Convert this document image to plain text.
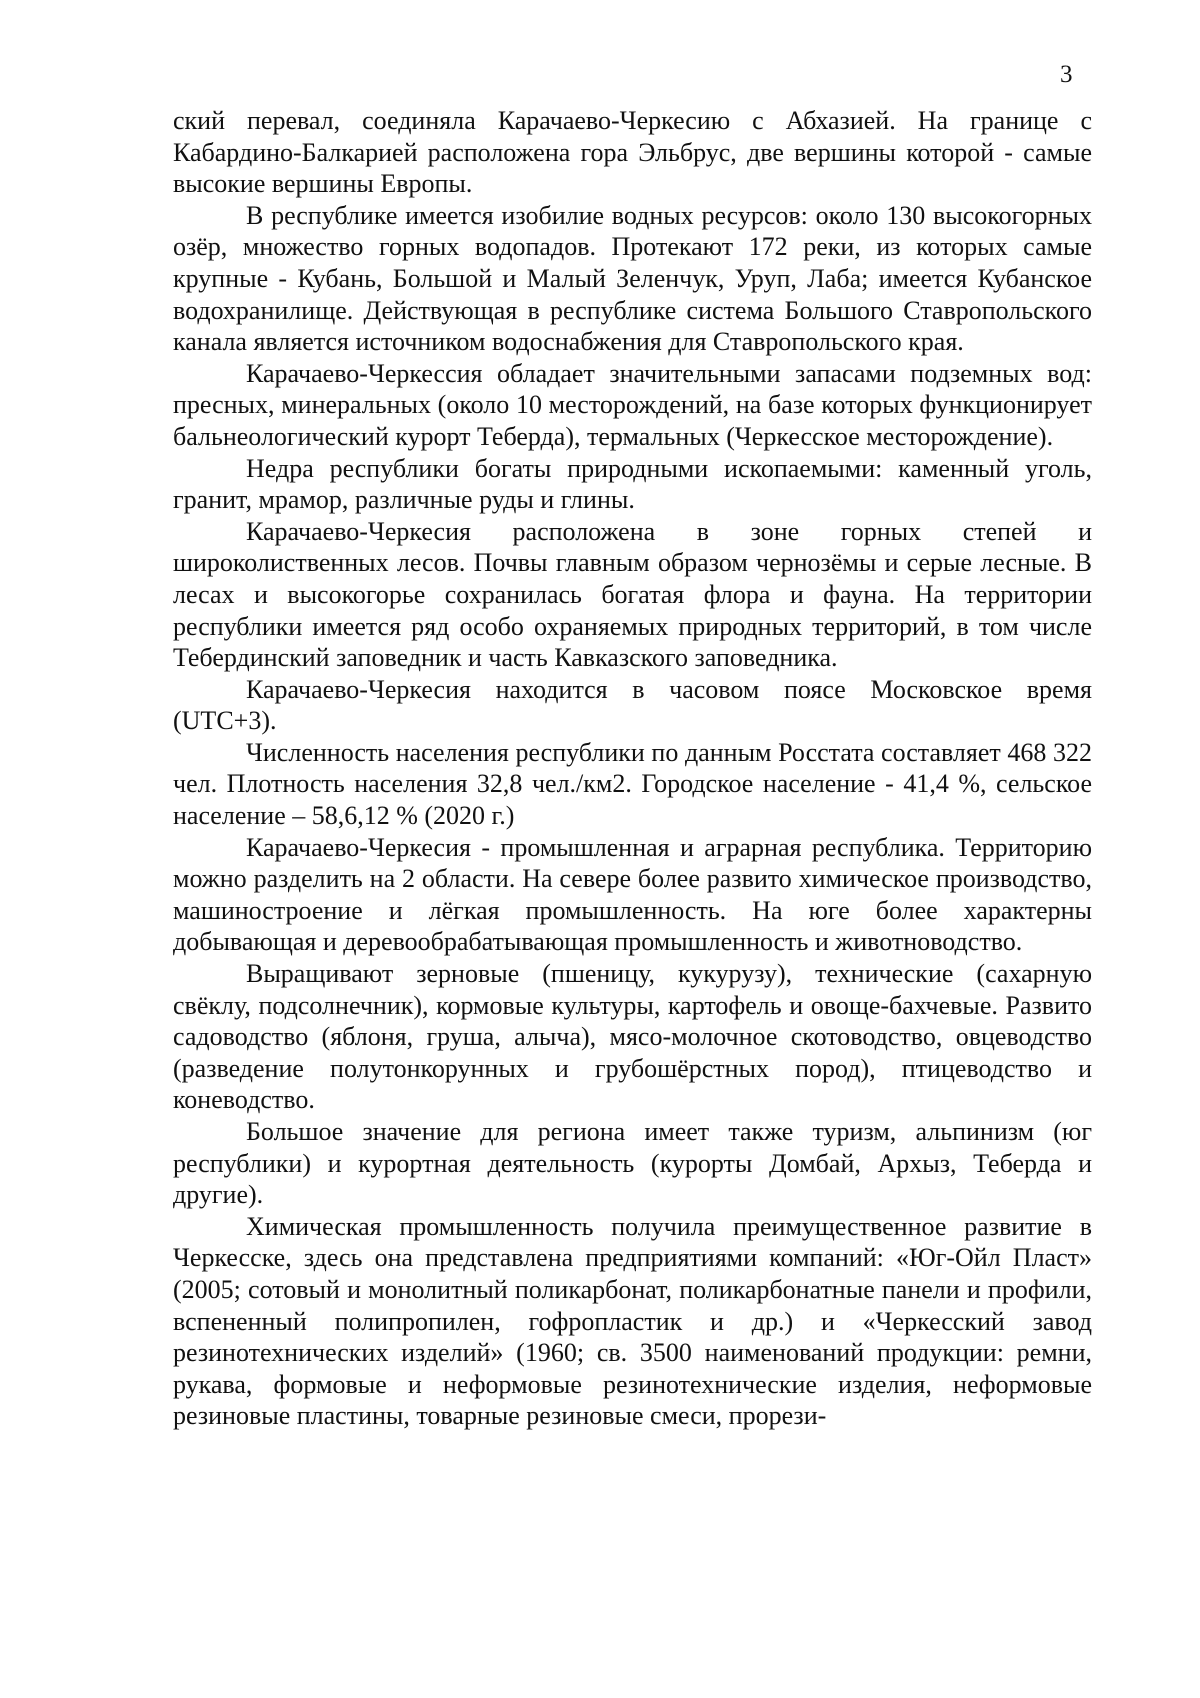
3

ский перевал, соединяла Карачаево-Черкесию с Абхазией. На границе с Кабардино-Балкарией расположена гора Эльбрус, две вершины которой - самые высокие вершины Европы.

В республике имеется изобилие водных ресурсов: около 130 высокогорных озёр, множество горных водопадов. Протекают 172 реки, из которых самые крупные - Кубань, Большой и Малый Зеленчук, Уруп, Лаба; имеется Кубанское водохранилище. Действующая в республике система Большого Ставропольского канала является источником водоснабжения для Ставропольского края.

Карачаево-Черкессия обладает значительными запасами подземных вод: пресных, минеральных (около 10 месторождений, на базе которых функционирует бальнеологический курорт Теберда), термальных (Черкесское месторождение).

Недра республики богаты природными ископаемыми: каменный уголь, гранит, мрамор, различные руды и глины.

Карачаево-Черкесия расположена в зоне горных степей и широколиственных лесов. Почвы главным образом чернозёмы и серые лесные. В лесах и высокогорье сохранилась богатая флора и фауна. На территории республики имеется ряд особо охраняемых природных территорий, в том числе Тебердинский заповедник и часть Кавказского заповедника.

Карачаево-Черкесия находится в часовом поясе Московское время (UTC+3).

Численность населения республики по данным Росстата составляет 468 322 чел. Плотность населения 32,8 чел./км2. Городское население - 41,4 %, сельское население – 58,6,12 % (2020 г.)

Карачаево-Черкесия - промышленная и аграрная республика. Территорию можно разделить на 2 области. На севере более развито химическое производство, машиностроение и лёгкая промышленность. На юге более характерны добывающая и деревообрабатывающая промышленность и животноводство.

Выращивают зерновые (пшеницу, кукурузу), технические (сахарную свёклу, подсолнечник), кормовые культуры, картофель и овоще-бахчевые. Развито садоводство (яблоня, груша, алыча), мясо-молочное скотоводство, овцеводство (разведение полутонкорунных и грубошёрстных пород), птицеводство и коневодство.

Большое значение для региона имеет также туризм, альпинизм (юг республики) и курортная деятельность (курорты Домбай, Архыз, Теберда и другие).

Химическая промышленность получила преимущественное развитие в Черкесске, здесь она представлена предприятиями компаний: «Юг-Ойл Пласт» (2005; сотовый и монолитный поликарбонат, поликарбонатные панели и профили, вспененный полипропилен, гофропластик и др.) и «Черкесский завод резинотехнических изделий» (1960; св. 3500 наименований продукции: ремни, рукава, формовые и неформовые резинотехнические изделия, неформовые резиновые пластины, товарные резиновые смеси, прорези-
